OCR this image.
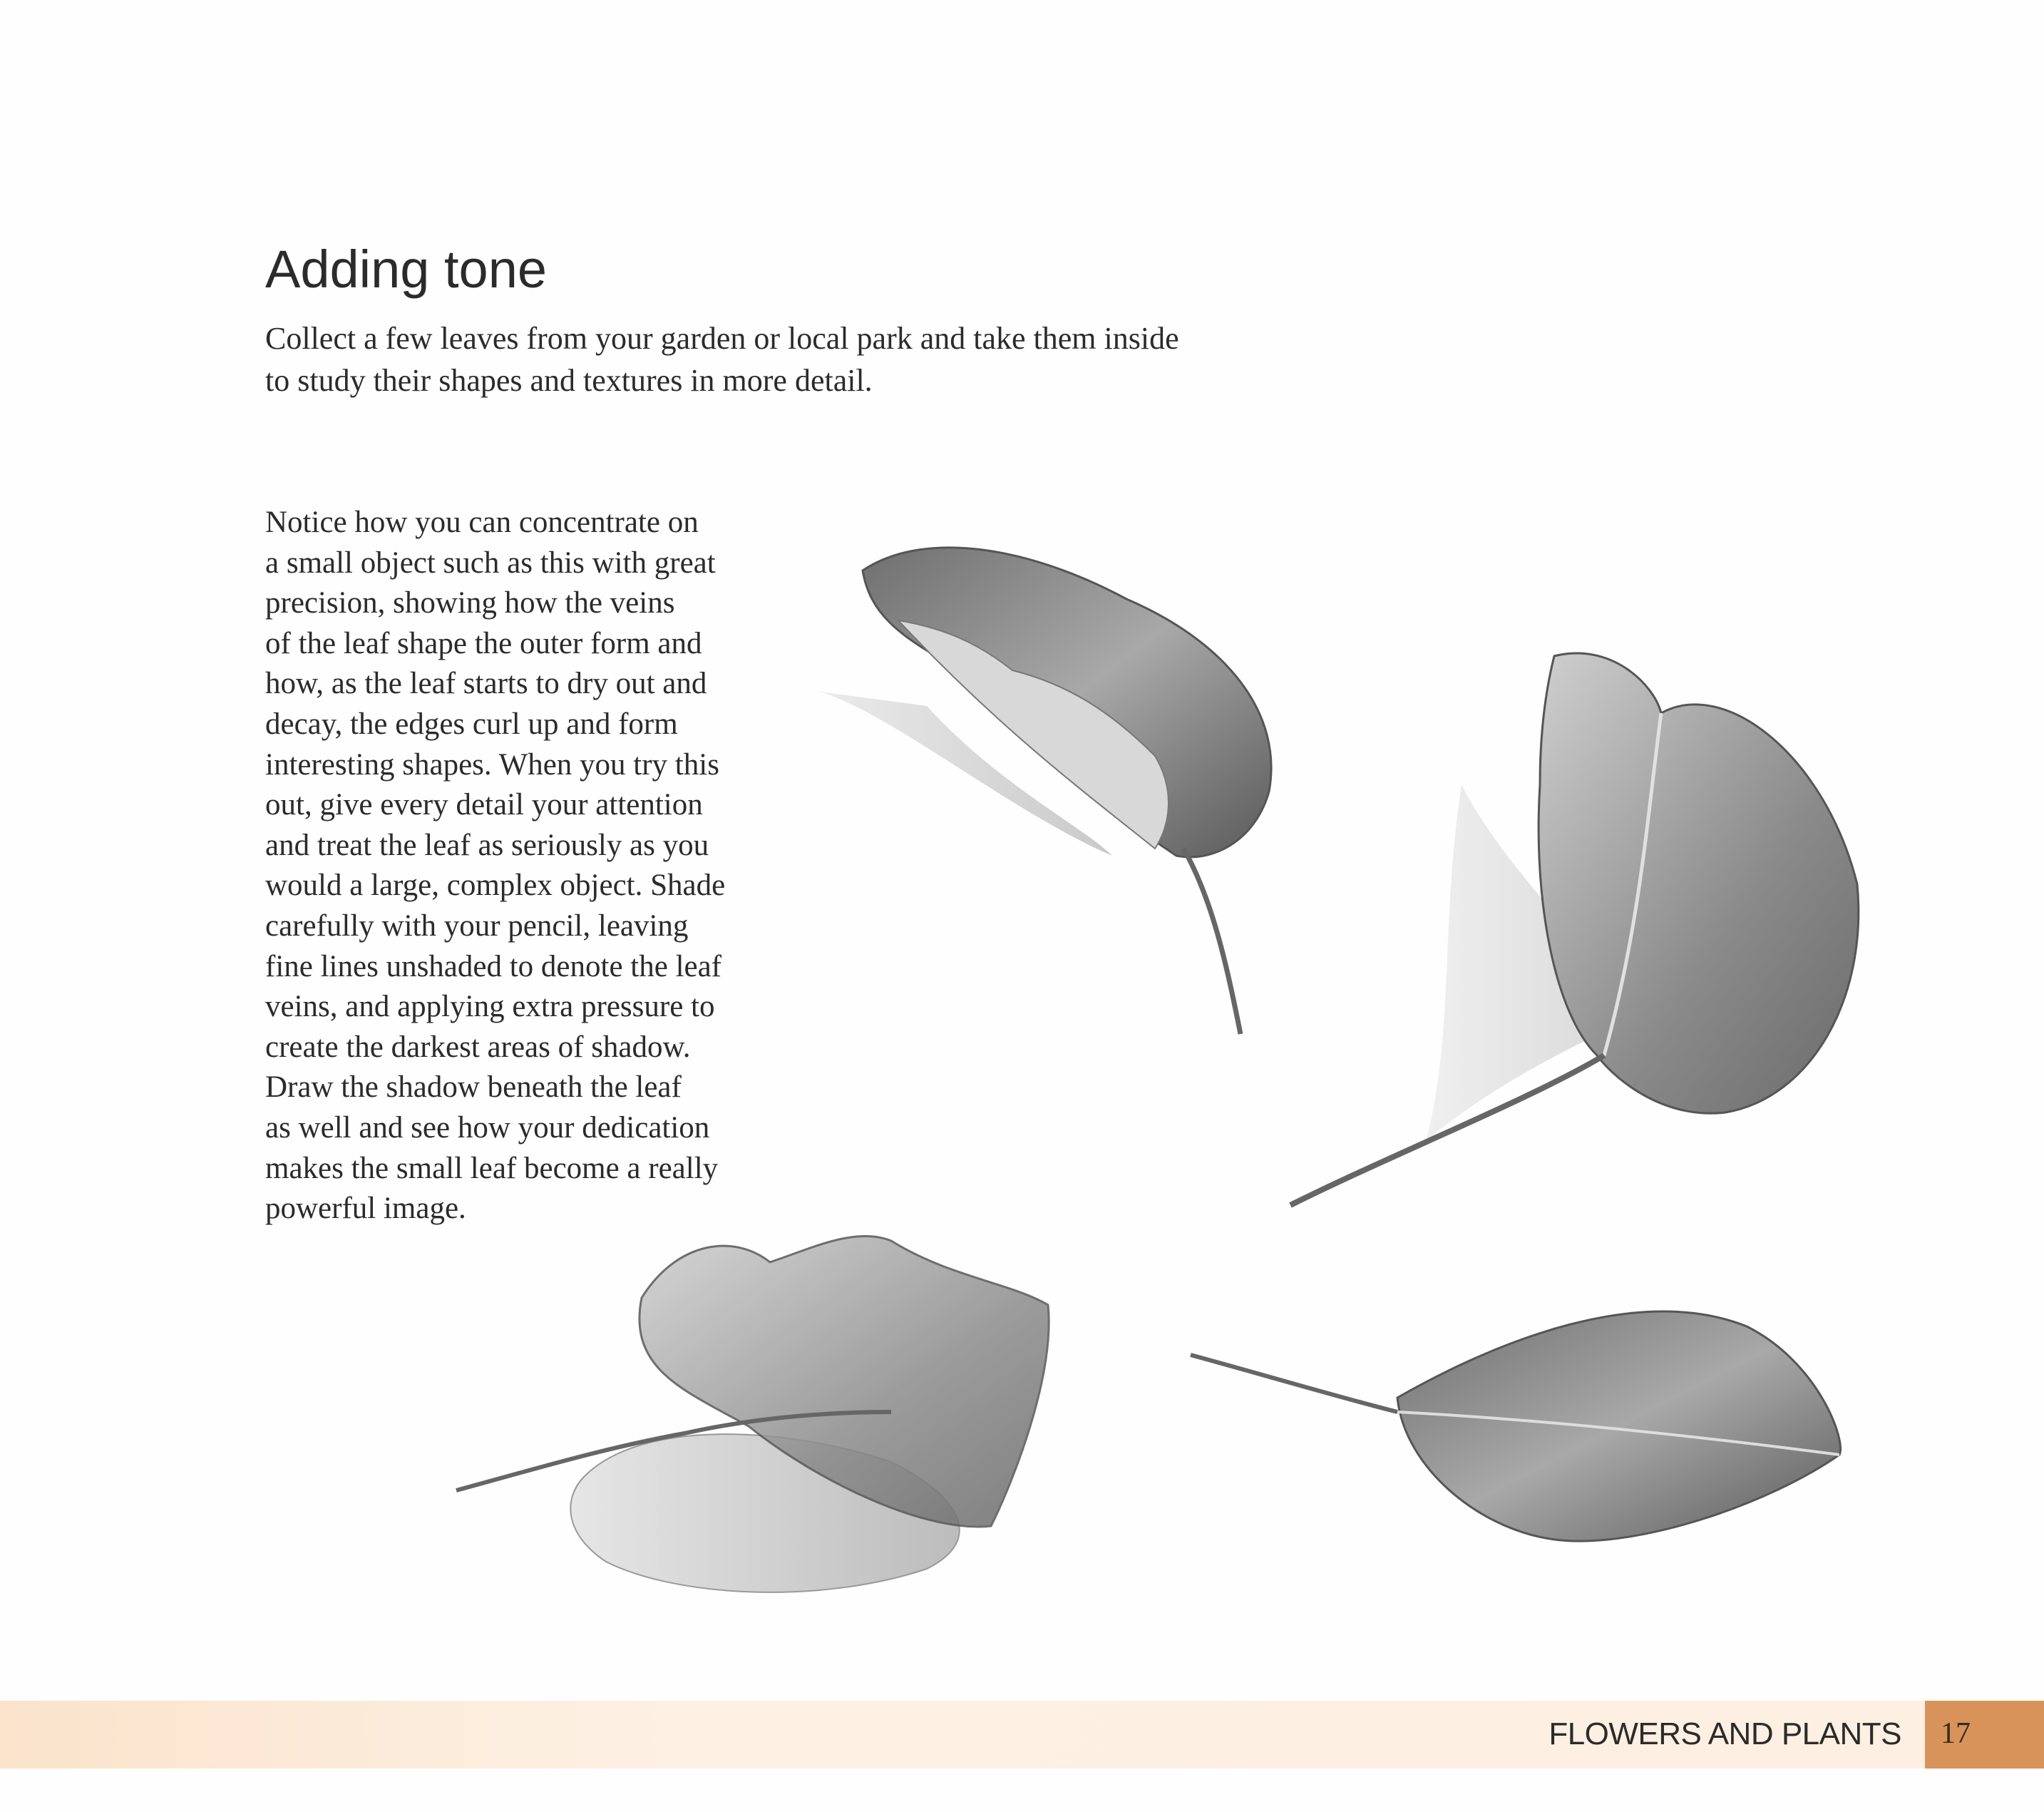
Adding tone

Collect a few leaves from your garden or local park and take them inside to study their shapes and textures in more detail.

Notice how you can concentrate on
a small object such as this with great
precision, showing how the veins
of the leaf shape the outer form and
how, as the leaf starts to dry out and
decay, the edges curl up and form
interesting shapes. When you try this
out, give every detail your attention
and treat the leaf as seriously as you
would a large, complex object. Shade
carefully with your pencil, leaving
fine lines unshaded to denote the leaf
veins, and applying extra pressure to
create the darkest areas of shadow.
Draw the shadow beneath the leaf
as well and see how your dedication
makes the small leaf become a really
powerful image.

FLOWERS AND PLANTS 17
